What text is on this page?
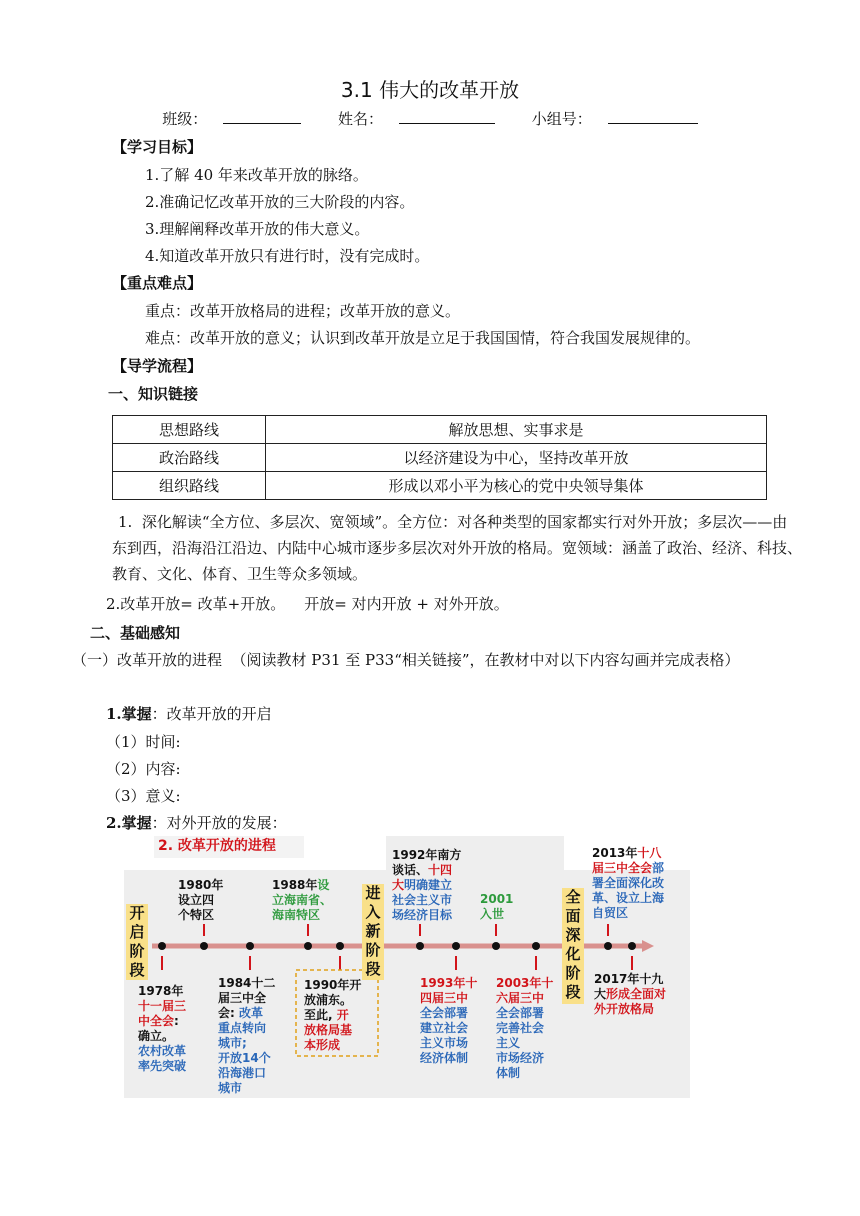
3.1 伟大的改革开放
班级：	姓名：	小组号：
【学习目标】
1.了解 40 年来改革开放的脉络。
2.准确记忆改革开放的三大阶段的内容。
3.理解阐释改革开放的伟大意义。
4.知道改革开放只有进行时，没有完成时。
【重点难点】
重点：改革开放格局的进程；改革开放的意义。
难点：改革开放的意义；认识到改革开放是立足于我国国情，符合我国发展规律的。
【导学流程】
一、知识链接
思想路线	解放思想、实事求是
政治路线	以经济建设为中心，坚持改革开放
组织路线	形成以邓小平为核心的党中央领导集体
1.  深化解读“全方位、多层次、宽领域”。全方位：对各种类型的国家都实行对外开放；多层次——由东到西，沿海沿江沿边、内陆中心城市逐步多层次对外开放的格局。宽领域：涵盖了政治、经济、科技、教育、文化、体育、卫生等众多领域。
2.改革开放= 改革+开放。    开放= 对内开放 + 对外开放。
二、基础感知
（一）改革开放的进程  （阅读教材 P31 至 P33“相关链接”，在教材中对以下内容勾画并完成表格）
1.掌握：改革开放的开启
（1）时间:
（2）内容:
（3）意义:
2.掌握：对外开放的发展：
2. 改革开放的进程
开启阶段
进入新阶段
全面深化阶段
1980年
设立四
个特区
1988年设
立海南省、
海南特区
1992年南方
谈话、十四
大明确建立
社会主义市
场经济目标
2001
入世
2013年十八
届三中全会部
署全面深化改
革、设立上海
自贸区
1978年
十一届三
中全会:
确立。
农村改革
率先突破
1984十二
届三中全
会: 改革
重点转向
城市;
开放14个
沿海港口
城市
1990年开
放浦东。
至此, 开
放格局基
本形成
1993年十
四届三中
全会部署
建立社会
主义市场
经济体制
2003年十
六届三中
全会部署
完善社会
主义
市场经济
体制
2017年十九
大形成全面对
外开放格局
